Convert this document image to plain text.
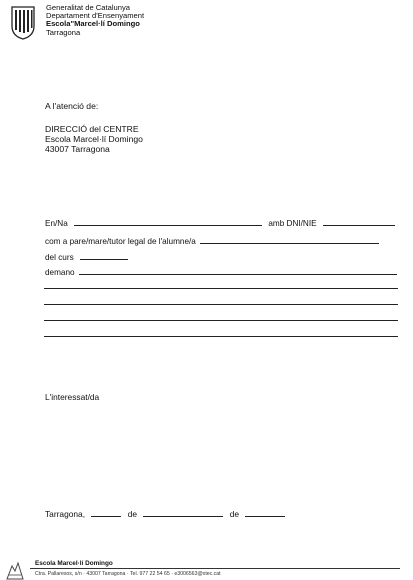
Generalitat de Catalunya
Departament d'Ensenyament
Escola"Marcel·lí Domingo
Tarragona
A l'atenció de:
DIRECCIÓ del CENTRE
Escola Marcel·lí Domingo
43007 Tarragona
En/Na	amb DNI/NIE
com a pare/mare/tutor legal de l'alumne/a
del curs
demano
L'interessat/da
Tarragona,	de	de
Escola Marcel·lí Domingo
Ctra. Pallaresos, s/n · 43007 Tarragona · Tel. 977 22 54 65 · e3006563@xtec.cat
